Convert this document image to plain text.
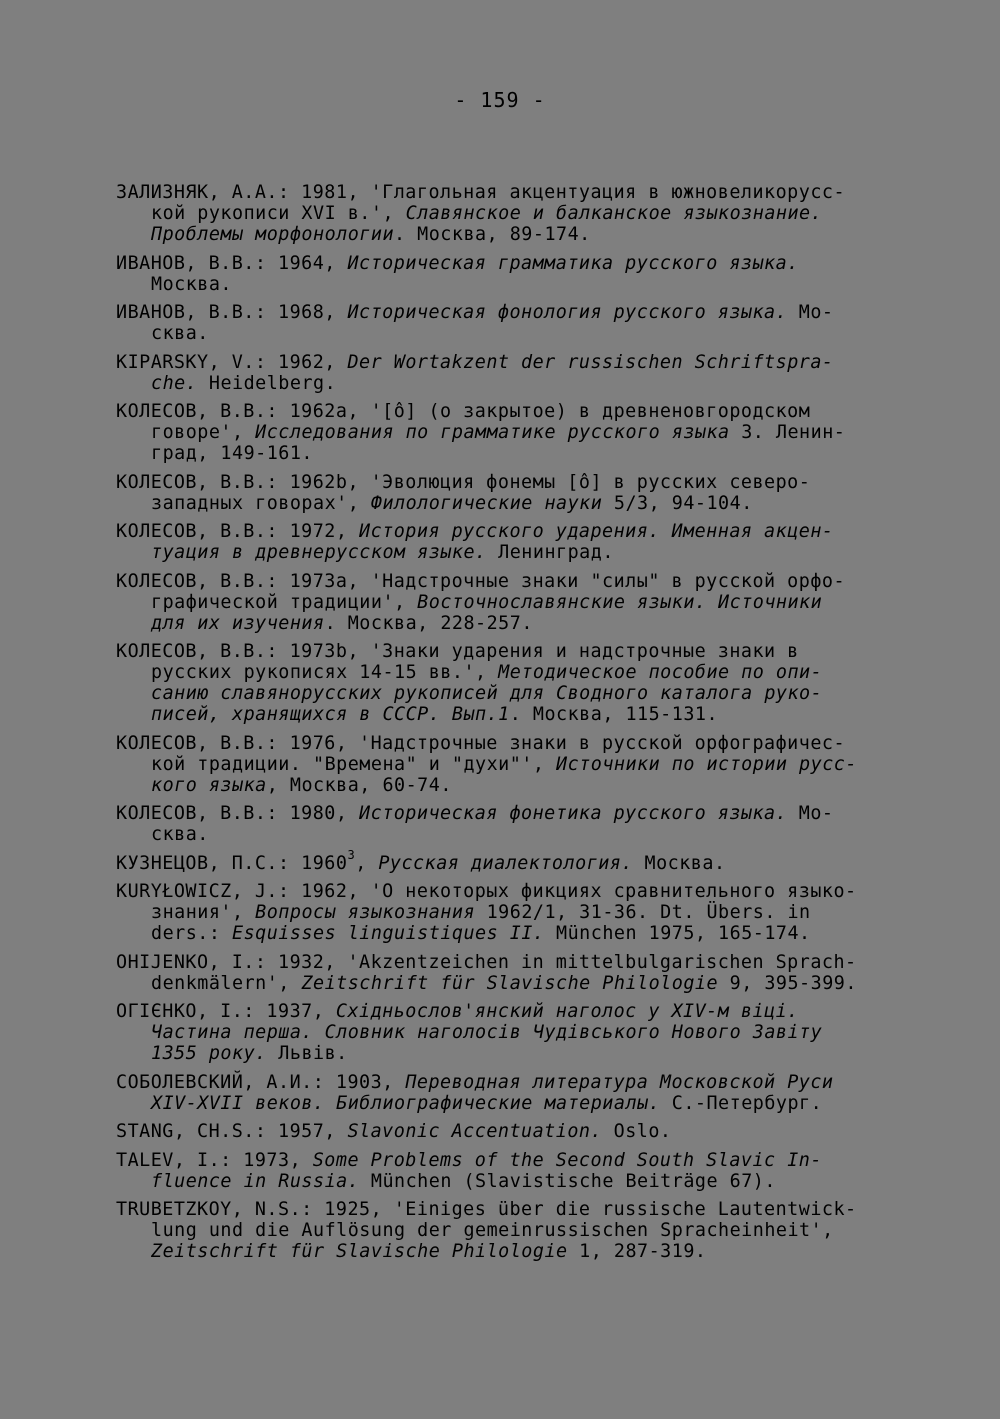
- 159 -
ЗАЛИЗНЯК, А.А.: 1981, 'Глагольная акцентуация в южновеликорусс-
кой рукописи XVI в.', Славянское и балканское языкознание.
Проблемы морфонологии. Москва, 89-174.
ИВАНОВ, В.В.: 1964, Историческая грамматика русского языка.
Москва.
ИВАНОВ, В.В.: 1968, Историческая фонология русского языка. Мо-
сква.
KIPARSKY, V.: 1962, Der Wortakzent der russischen Schriftspra-
che. Heidelberg.
КОЛЕСОВ, В.В.: 1962а, '[ô] (о закрытое) в древненовгородском
говоре', Исследования по грамматике русского языка 3. Ленин-
град, 149-161.
КОЛЕСОВ, В.В.: 1962b, 'Эволюция фонемы [ô] в русских северо-
западных говорах', Филологические науки 5/3, 94-104.
КОЛЕСОВ, В.В.: 1972, История русского ударения. Именная акцен-
туация в древнерусском языке. Ленинград.
КОЛЕСОВ, В.В.: 1973а, 'Надстрочные знаки "силы" в русской орфо-
графической традиции', Восточнославянские языки. Источники
для их изучения. Москва, 228-257.
КОЛЕСОВ, В.В.: 1973b, 'Знаки ударения и надстрочные знаки в
русских рукописях 14-15 вв.', Методическое пособие по опи-
санию славянорусских рукописей для Сводного каталога руко-
писей, хранящихся в СССР. Вып.1. Москва, 115-131.
КОЛЕСОВ, В.В.: 1976, 'Надстрочные знаки в русской орфографичес-
кой традиции. "Времена" и "духи"', Источники по истории русс-
кого языка, Москва, 60-74.
КОЛЕСОВ, В.В.: 1980, Историческая фонетика русского языка. Мо-
сква.
КУЗНЕЦОВ, П.С.: 1960$^3$, Русская диалектология. Москва.
KURYŁOWICZ, J.: 1962, 'О некоторых фикциях сравнительного языко-
знания', Вопросы языкознания 1962/1, 31-36. Dt. Übers. in
ders.: Esquisses linguistiques II. München 1975, 165-174.
OHIJENKO, I.: 1932, 'Akzentzeichen in mittelbulgarischen Sprach-
denkmälern', Zeitschrift für Slavische Philologie 9, 395-399.
ОГІЄНКО, І.: 1937, Східньослов'янский наголос у XIV-м віці.
Частина перша. Словник наголосів Чудівського Нового Завіту
1355 року. Львів.
СОБОЛЕВСКИЙ, А.И.: 1903, Переводная литература Московской Руси
XIV-XVII веков. Библиографические материалы. С.-Петербург.
STANG, CH.S.: 1957, Slavonic Accentuation. Oslo.
TALEV, I.: 1973, Some Problems of the Second South Slavic In-
fluence in Russia. München (Slavistische Beiträge 67).
TRUBETZKOY, N.S.: 1925, 'Einiges über die russische Lautentwick-
lung und die Auflösung der gemeinrussischen Spracheinheit',
Zeitschrift für Slavische Philologie 1, 287-319.
